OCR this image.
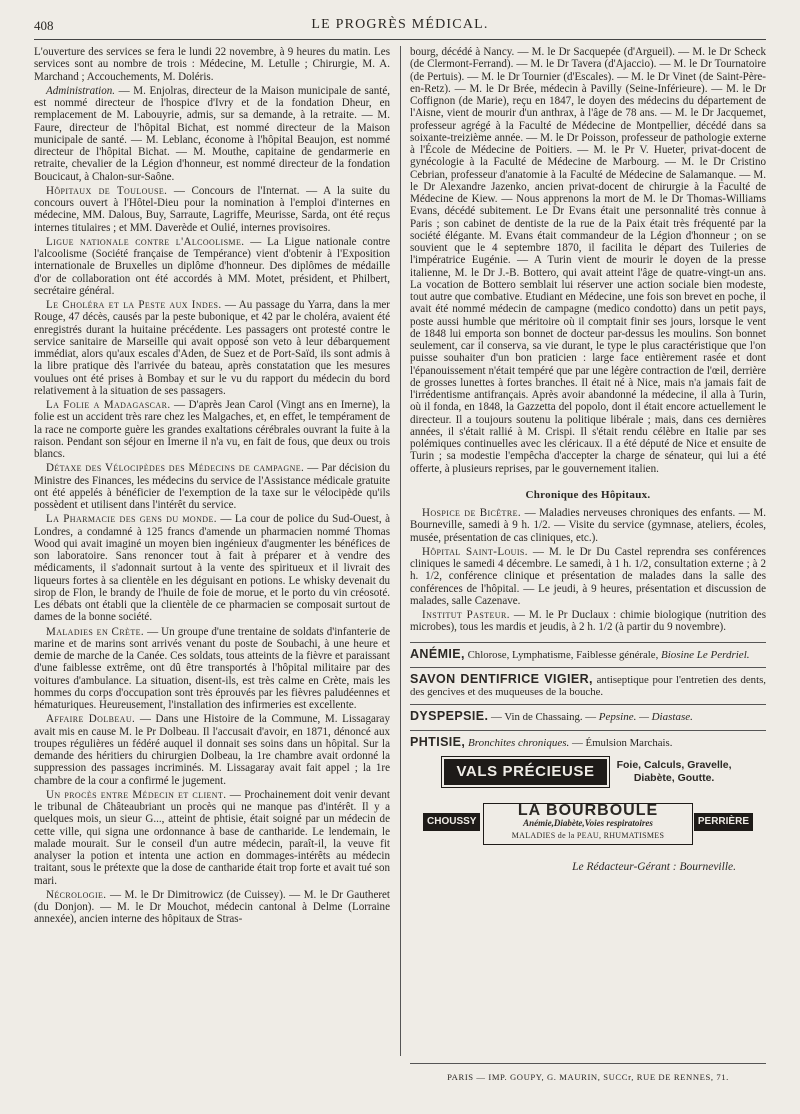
408	LE PROGRÈS MÉDICAL.

L'ouverture des services se fera le lundi 22 novembre, à 9 heures du matin. Les services sont au nombre de trois : Médecine, M. Letulle ; Chirurgie, M. A. Marchand ; Accouchements, M. Doléris.

Administration. — M. Enjolras, directeur de la Maison municipale de santé, est nommé directeur de l'hospice d'Ivry et de la fondation Dheur, en remplacement de M. Labouyrie, admis, sur sa demande, à la retraite. — M. Faure, directeur de l'hôpital Bichat, est nommé directeur de la Maison municipale de santé. — M. Leblanc, économe à l'hôpital Beaujon, est nommé directeur de l'hôpital Bichat. — M. Mouthe, capitaine de gendarmerie en retraite, chevalier de la Légion d'honneur, est nommé directeur de la fondation Boucicaut, à Chalon-sur-Saône.

Hôpitaux de Toulouse. — Concours de l'Internat. — A la suite du concours ouvert à l'Hôtel-Dieu pour la nomination à l'emploi d'internes en médecine, MM. Dalous, Buy, Sarraute, Lagriffe, Meurisse, Sarda, ont été reçus internes titulaires ; et MM. Daverède et Oulié, internes provisoires.

Ligue nationale contre l'Alcoolisme. — La Ligue nationale contre l'alcoolisme (Société française de Tempérance) vient d'obtenir à l'Exposition internationale de Bruxelles un diplôme d'honneur. Des diplômes de médaille d'or de collaboration ont été accordés à MM. Motet, président, et Philbert, secrétaire général.

Le Choléra et la Peste aux Indes. — Au passage du Yarra, dans la mer Rouge, 47 décès, causés par la peste bubonique, et 42 par le choléra, avaient été enregistrés durant la huitaine précédente. Les passagers ont protesté contre le service sanitaire de Marseille qui avait opposé son veto à leur débarquement immédiat, alors qu'aux escales d'Aden, de Suez et de Port-Saïd, ils sont admis à la libre pratique dès l'arrivée du bateau, après constatation que les mesures voulues ont été prises à Bombay et sur le vu du rapport du médecin du bord relativement à la situation de ses passagers.

La Folie a Madagascar. — D'après Jean Carol (Vingt ans en Imerne), la folie est un accident très rare chez les Malgaches, et, en effet, le tempérament de la race ne comporte guère les grandes exaltations cérébrales ouvrant la fuite à la raison. Pendant son séjour en Imerne il n'a vu, en fait de fous, que deux ou trois blancs.

Détaxe des Vélocipèdes des Médecins de campagne. — Par décision du Ministre des Finances, les médecins du service de l'Assistance médicale gratuite ont été appelés à bénéficier de l'exemption de la taxe sur le vélocipède qu'ils possèdent et utilisent dans l'intérêt du service.

La Pharmacie des gens du monde. — La cour de police du Sud-Ouest, à Londres, a condamné à 125 francs d'amende un pharmacien nommé Thomas Wood qui avait imaginé un moyen bien ingénieux d'augmenter les bénéfices de son laboratoire. Sans renoncer tout à fait à préparer et à vendre des médicaments, il s'adonnait surtout à la vente des spiritueux et il livrait des liqueurs fortes à sa clientèle en les déguisant en potions. Le whisky devenait du sirop de Flon, le brandy de l'huile de foie de morue, et le porto du vin créosoté. Les débats ont établi que la clientèle de ce pharmacien se composait surtout de dames de la bonne société.

Maladies en Crète. — Un groupe d'une trentaine de soldats d'infanterie de marine et de marins sont arrivés venant du poste de Soubachi, à une heure et demie de marche de la Canée. Ces soldats, tous atteints de la fièvre et paraissant d'une faiblesse extrême, ont dû être transportés à l'hôpital militaire par des voitures d'ambulance. La situation, disent-ils, est très calme en Crète, mais les hommes du corps d'occupation sont très éprouvés par les fièvres paludéennes et hématuriques. Heureusement, l'installation des infirmeries est excellente.

Affaire Dolbeau. — Dans une Histoire de la Commune, M. Lissagaray avait mis en cause M. le Pr Dolbeau. Il l'accusait d'avoir, en 1871, dénoncé aux troupes régulières un fédéré auquel il donnait ses soins dans un hôpital. Sur la demande des héritiers du chirurgien Dolbeau, la 1re chambre avait ordonné la suppression des passages incriminés. M. Lissagaray avait fait appel ; la 1re chambre de la cour a confirmé le jugement.

Un procès entre Médecin et client. — Prochainement doit venir devant le tribunal de Châteaubriant un procès qui ne manque pas d'intérêt. Il y a quelques mois, un sieur G..., atteint de phtisie, était soigné par un médecin de cette ville, qui signa une ordonnance à base de cantharide. Le lendemain, le malade mourait. Sur le conseil d'un autre médecin, paraît-il, la veuve fit analyser la potion et intenta une action en dommages-intérêts au médecin traitant, sous le prétexte que la dose de cantharide était trop forte et avait tué son mari.

Nécrologie. — M. le Dr Dimitrowicz (de Cuissey). — M. le Dr Gautheret (du Donjon). — M. le Dr Mouchot, médecin cantonal à Delme (Lorraine annexée), ancien interne des hôpitaux de Stras-

bourg, décédé à Nancy. — M. le Dr Sacquepée (d'Argueil). — M. le Dr Scheck (de Clermont-Ferrand). — M. le Dr Tavera (d'Ajaccio). — M. le Dr Tournatoire (de Pertuis). — M. le Dr Tournier (d'Escales). — M. le Dr Vinet (de Saint-Père-en-Retz). — M. le Dr Brée, médecin à Pavilly (Seine-Inférieure). — M. le Dr Coffignon (de Marie), reçu en 1847, le doyen des médecins du département de l'Aisne, vient de mourir d'un anthrax, à l'âge de 78 ans. — M. le Dr Jacquemet, professeur agrégé à la Faculté de Médecine de Montpellier, décédé dans sa soixante-treizième année. — M. le Dr Poisson, professeur de pathologie externe à l'École de Médecine de Poitiers. — M. le Pr V. Hueter, privat-docent de gynécologie à la Faculté de Médecine de Marbourg. — M. le Dr Cristino Cebrian, professeur d'anatomie à la Faculté de Médecine de Salamanque. — M. le Dr Alexandre Jazenko, ancien privat-docent de chirurgie à la Faculté de Médecine de Kiew. — Nous apprenons la mort de M. le Dr Thomas-Williams Evans, décédé subitement. Le Dr Evans était une personnalité très connue à Paris ; son cabinet de dentiste de la rue de la Paix était très fréquenté par la société élégante. M. Evans était commandeur de la Légion d'honneur ; on se souvient que le 4 septembre 1870, il facilita le départ des Tuileries de l'impératrice Eugénie. — A Turin vient de mourir le doyen de la presse italienne, M. le Dr J.-B. Bottero, qui avait atteint l'âge de quatre-vingt-un ans. La vocation de Bottero semblait lui réserver une action sociale bien modeste, tout autre que combative. Etudiant en Médecine, une fois son brevet en poche, il avait été nommé médecin de campagne (medico condotto) dans un petit pays, poste aussi humble que méritoire où il comptait finir ses jours, lorsque le vent de 1848 lui emporta son bonnet de docteur par-dessus les moulins. Son bonnet seulement, car il conserva, sa vie durant, le type le plus caractéristique que l'on puisse souhaiter d'un bon praticien : large face entièrement rasée et dont l'épanouissement n'était tempéré que par une légère contraction de l'œil, derrière de grosses lunettes à fortes branches. Il était né à Nice, mais n'a jamais fait de l'irrédentisme antifrançais. Après avoir abandonné la médecine, il alla à Turin, où il fonda, en 1848, la Gazzetta del popolo, dont il était encore actuellement le directeur. Il a toujours soutenu la politique libérale ; mais, dans ces dernières années, il s'était rallié à M. Crispi. Il s'était rendu célèbre en Italie par ses polémiques continuelles avec les cléricaux. Il a été député de Nice et ensuite de Turin ; sa modestie l'empêcha d'accepter la charge de sénateur, qui lui a été offerte, à plusieurs reprises, par le gouvernement italien.

Chronique des Hôpitaux.

Hospice de Bicêtre. — Maladies nerveuses chroniques des enfants. — M. Bourneville, samedi à 9 h. 1/2. — Visite du service (gymnase, ateliers, écoles, musée, présentation de cas cliniques, etc.).

Hôpital Saint-Louis. — M. le Dr Du Castel reprendra ses conférences cliniques le samedi 4 décembre. Le samedi, à 1 h. 1/2, consultation externe ; à 2 h. 1/2, conférence clinique et présentation de malades dans la salle des conférences de l'hôpital. — Le jeudi, à 9 heures, présentation et discussion de malades, salle Cazenave.

Institut Pasteur. — M. le Pr Duclaux : chimie biologique (nutrition des microbes), tous les mardis et jeudis, à 2 h. 1/2 (à partir du 9 novembre).

ANÉMIE, Chlorose, Lymphatisme, Faiblesse générale, Biosine Le Perdriel.

SAVON DENTIFRICE VIGIER, antiseptique pour l'entretien des dents, des gencives et des muqueuses de la bouche.

DYSPEPSIE. — Vin de Chassaing. — Pepsine. — Diastase.

PHTISIE, Bronchites chroniques. — Émulsion Marchais.

VALS PRÉCIEUSE	Foie, Calculs, Gravelle,
Diabète, Goutte.
CHOUSSY
LA BOURBOULE
Anémie,Diabète,Voies respiratoires
MALADIES de la PEAU, RHUMATISMES
PERRIÈRE
Le Rédacteur-Gérant : Bourneville.
PARIS — IMP. GOUPY, G. MAURIN, SUCCr, RUE DE RENNES, 71.
